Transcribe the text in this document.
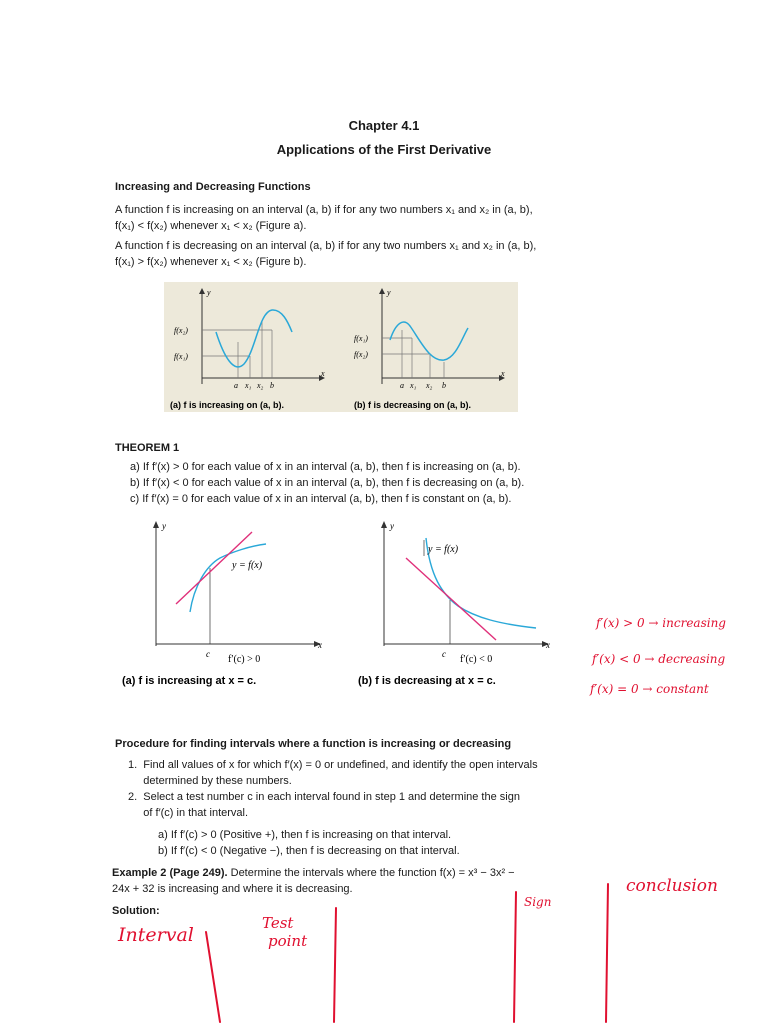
Chapter 4.1
Applications of the First Derivative
Increasing and Decreasing Functions
A function f is increasing on an interval (a, b) if for any two numbers x₁ and x₂ in (a, b),
f(x₁) < f(x₂) whenever x₁ < x₂ (Figure a).
A function f is decreasing on an interval (a, b) if for any two numbers x₁ and x₂ in (a, b),
f(x₁) > f(x₂) whenever x₁ < x₂ (Figure b).
y
x
f(x₂)
f(x₁)
a x₁ x₂ b
y
x
f(x₁)
f(x₂)
a x₁ x₂ b
(a) f is increasing on (a, b).	(b) f is decreasing on (a, b).
THEOREM 1
a) If f′(x) > 0 for each value of x in an interval (a, b), then f is increasing on (a, b).
b) If f′(x) < 0 for each value of x in an interval (a, b), then f is decreasing on (a, b).
c) If f′(x) = 0 for each value of x in an interval (a, b), then f is constant on (a, b).
y
x
y = f(x)
c f′(c) > 0
(a) f is increasing at x = c.
y
x
y = f(x)
c f′(c) < 0
(b) f is decreasing at x = c.
f′(x) > 0 → increasing
f′(x) < 0 → decreasing
f′(x) = 0 → constant
Procedure for finding intervals where a function is increasing or decreasing
1.  Find all values of x for which f′(x) = 0 or undefined, and identify the open intervals
determined by these numbers.
2.  Select a test number c in each interval found in step 1 and determine the sign
of f′(c) in that interval.
a) If f′(c) > 0 (Positive +), then f is increasing on that interval.
b) If f′(c) < 0 (Negative −), then f is decreasing on that interval.
Example 2 (Page 249). Determine the intervals where the function f(x) = x³ − 3x² −
24x + 32 is increasing and where it is decreasing.
Solution:
Interval
Test
point
Sign
conclusion
